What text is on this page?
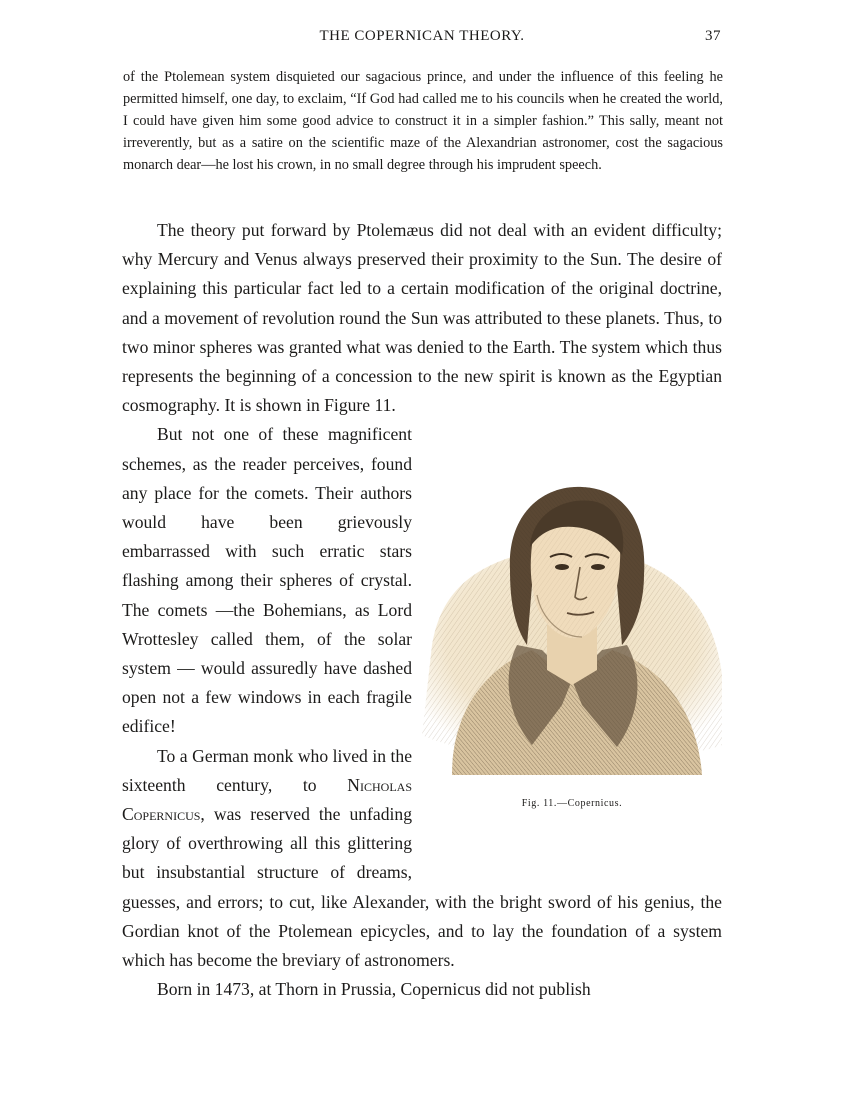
THE COPERNICAN THEORY.	37
of the Ptolemean system disquieted our sagacious prince, and under the influence of this feeling he permitted himself, one day, to exclaim, “If God had called me to his councils when he created the world, I could have given him some good advice to construct it in a simpler fashion.” This sally, meant not irreverently, but as a satire on the scientific maze of the Alexandrian astronomer, cost the sagacious monarch dear—he lost his crown, in no small degree through his imprudent speech.

The theory put forward by Ptolemæus did not deal with an evident difficulty; why Mercury and Venus always preserved their proximity to the Sun. The desire of explaining this particular fact led to a certain modification of the original doctrine, and a movement of revolution round the Sun was attributed to these planets. Thus, to two minor spheres was granted what was denied to the Earth. The system which thus represents the beginning of a concession to the new spirit is known as the Egyptian cosmography. It is shown in Figure 11.

Fig. 11.—Copernicus.

But not one of these magnificent schemes, as the reader perceives, found any place for the comets. Their authors would have been grievously embarrassed with such erratic stars flashing among their spheres of crystal. The comets —the Bohemians, as Lord Wrottesley called them, of the solar system — would assuredly have dashed open not a few windows in each fragile edifice!

To a German monk who lived in the sixteenth century, to Nicholas Copernicus, was reserved the unfading glory of overthrowing all this glittering but insubstantial structure of dreams, guesses, and errors; to cut, like Alexander, with the bright sword of his genius, the Gordian knot of the Ptolemean epicycles, and to lay the foundation of a system which has become the breviary of astronomers.

Born in 1473, at Thorn in Prussia, Copernicus did not publish
